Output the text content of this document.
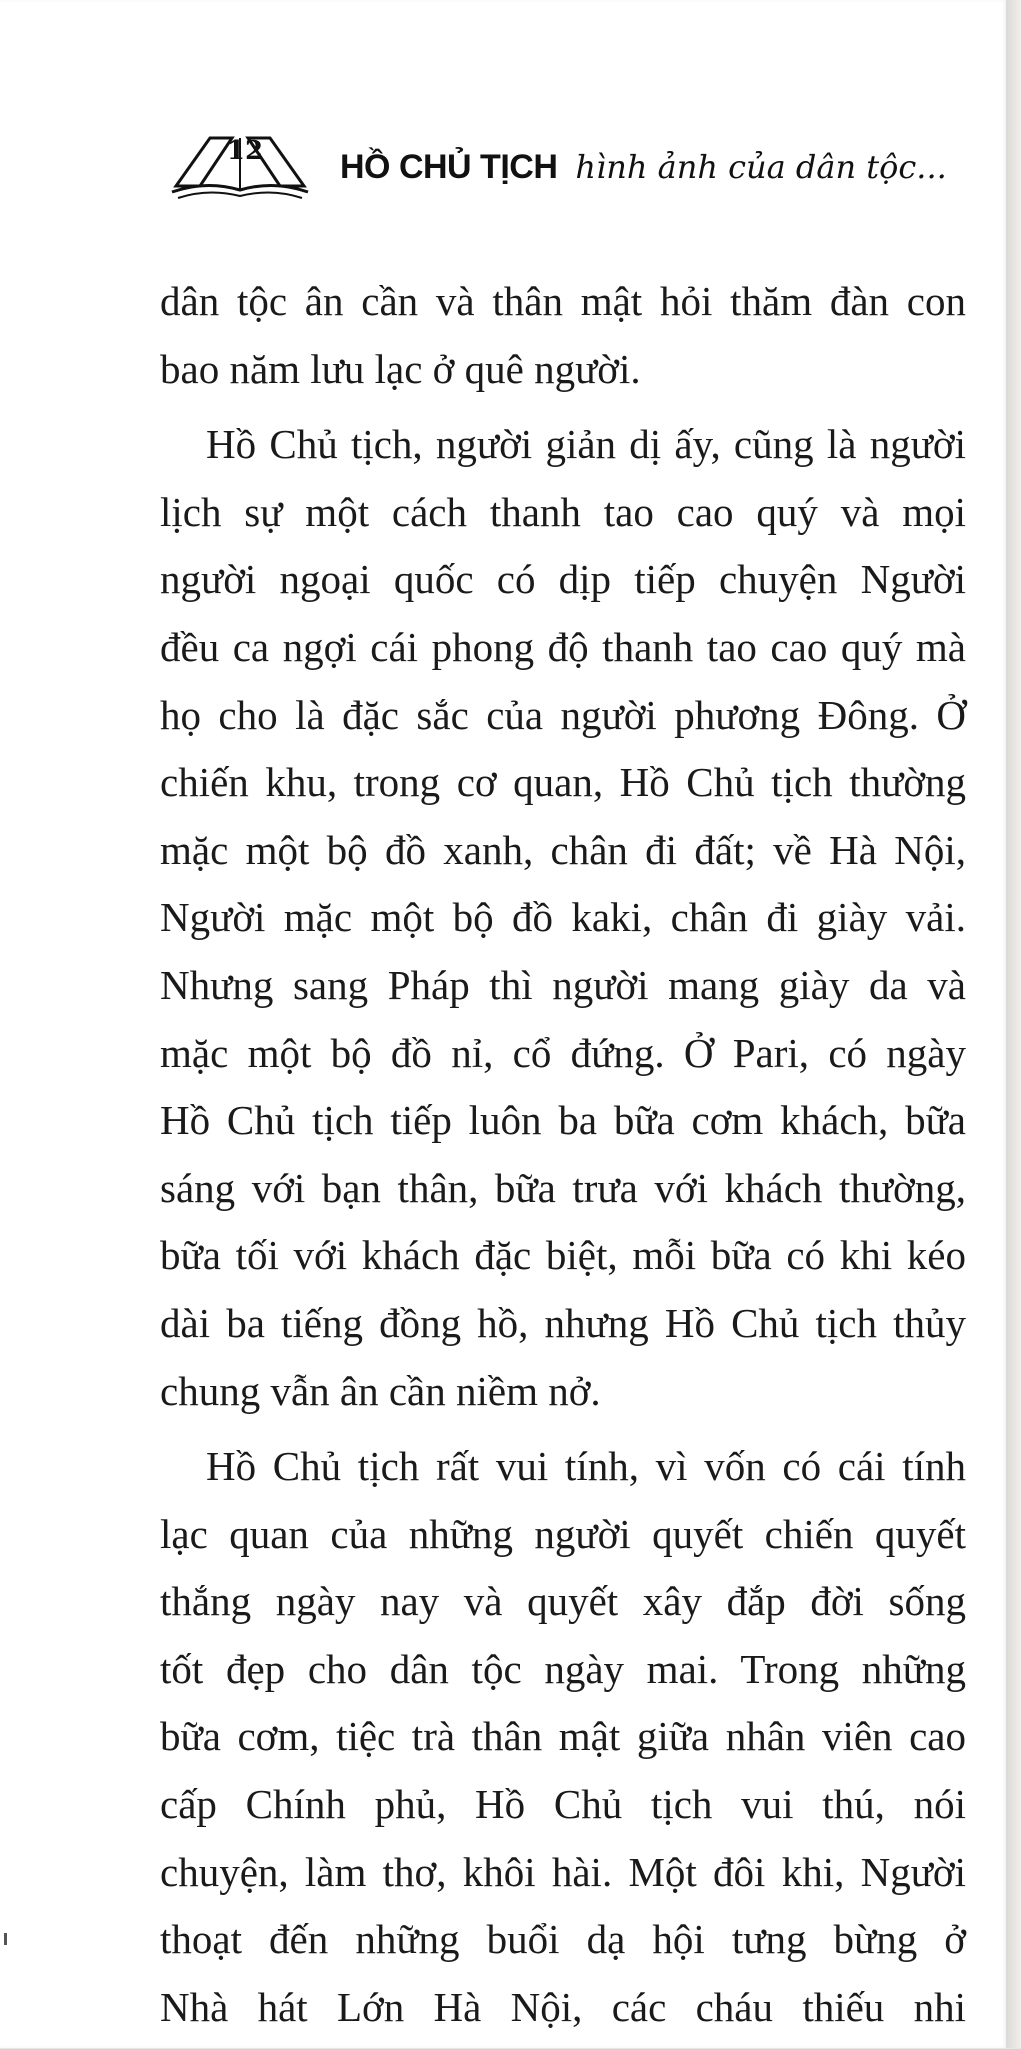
12 HỒ CHỦ TỊCH hình ảnh của dân tộc...
dân tộc ân cần và thân mật hỏi thăm đàn con
bao năm lưu lạc ở quê người.
Hồ Chủ tịch, người giản dị ấy, cũng là người
lịch sự một cách thanh tao cao quý và mọi
người ngoại quốc có dịp tiếp chuyện Người
đều ca ngợi cái phong độ thanh tao cao quý mà
họ cho là đặc sắc của người phương Đông. Ở
chiến khu, trong cơ quan, Hồ Chủ tịch thường
mặc một bộ đồ xanh, chân đi đất; về Hà Nội,
Người mặc một bộ đồ kaki, chân đi giày vải.
Nhưng sang Pháp thì người mang giày da và
mặc một bộ đồ nỉ, cổ đứng. Ở Pari, có ngày
Hồ Chủ tịch tiếp luôn ba bữa cơm khách, bữa
sáng với bạn thân, bữa trưa với khách thường,
bữa tối với khách đặc biệt, mỗi bữa có khi kéo
dài ba tiếng đồng hồ, nhưng Hồ Chủ tịch thủy
chung vẫn ân cần niềm nở.
Hồ Chủ tịch rất vui tính, vì vốn có cái tính
lạc quan của những người quyết chiến quyết
thắng ngày nay và quyết xây đắp đời sống
tốt đẹp cho dân tộc ngày mai. Trong những
bữa cơm, tiệc trà thân mật giữa nhân viên cao
cấp Chính phủ, Hồ Chủ tịch vui thú, nói
chuyện, làm thơ, khôi hài. Một đôi khi, Người
thoạt đến những buổi dạ hội tưng bừng ở
Nhà hát Lớn Hà Nội, các cháu thiếu nhi
